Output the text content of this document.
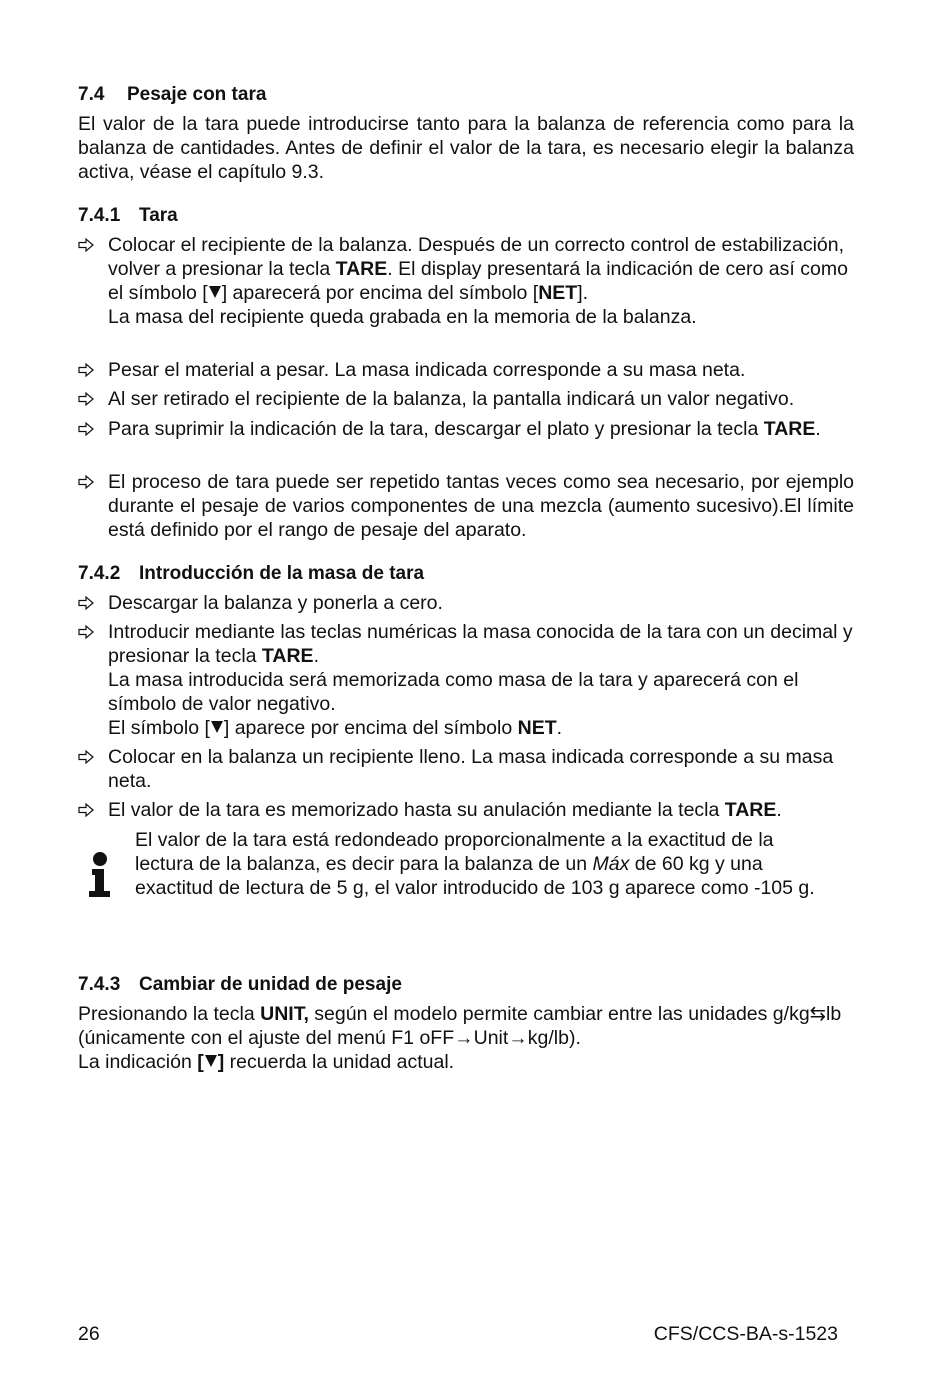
7.4 Pesaje con tara
El valor de la tara puede introducirse tanto para la balanza de referencia como para la balanza de cantidades. Antes de definir el valor de la tara, es necesario elegir la balanza activa, véase el capítulo 9.3.
7.4.1 Tara
Colocar el recipiente de la balanza. Después de un correcto control de estabilización, volver a presionar la tecla TARE. El display presentará la indicación de cero así como el símbolo [ ] aparecerá por encima del símbolo [NET].
La masa del recipiente queda grabada en la memoria de la balanza.
Pesar el material a pesar. La masa indicada corresponde a su masa neta.
Al ser retirado el recipiente de la balanza, la pantalla indicará un valor negativo.
Para suprimir la indicación de la tara, descargar el plato y presionar la tecla TARE.
El proceso de tara puede ser repetido tantas veces como sea necesario, por ejemplo durante el pesaje de varios componentes de una mezcla (aumento sucesivo).El límite está definido por el rango de pesaje del aparato.
7.4.2 Introducción de la masa de tara
Descargar la balanza y ponerla a cero.
Introducir mediante las teclas numéricas la masa conocida de la tara con un decimal y presionar la tecla TARE.
La masa introducida será memorizada como masa de la tara y aparecerá con el símbolo de valor negativo.
El símbolo [ ] aparece por encima del símbolo NET.
Colocar en la balanza un recipiente lleno. La masa indicada corresponde a su masa neta.
El valor de la tara es memorizado hasta su anulación mediante la tecla TARE.
El valor de la tara está redondeado proporcionalmente a la exactitud de la lectura de la balanza, es decir para la balanza de un Máx de 60 kg y una exactitud de lectura de 5 g, el valor introducido de 103 g aparece como -105 g.
7.4.3 Cambiar de unidad de pesaje
Presionando la tecla UNIT, según el modelo permite cambiar entre las unidades g/kg⇆lb (únicamente con el ajuste del menú F1 oFF→Unit→kg/lb).
La indicación [ ] recuerda la unidad actual.
26	CFS/CCS-BA-s-1523
